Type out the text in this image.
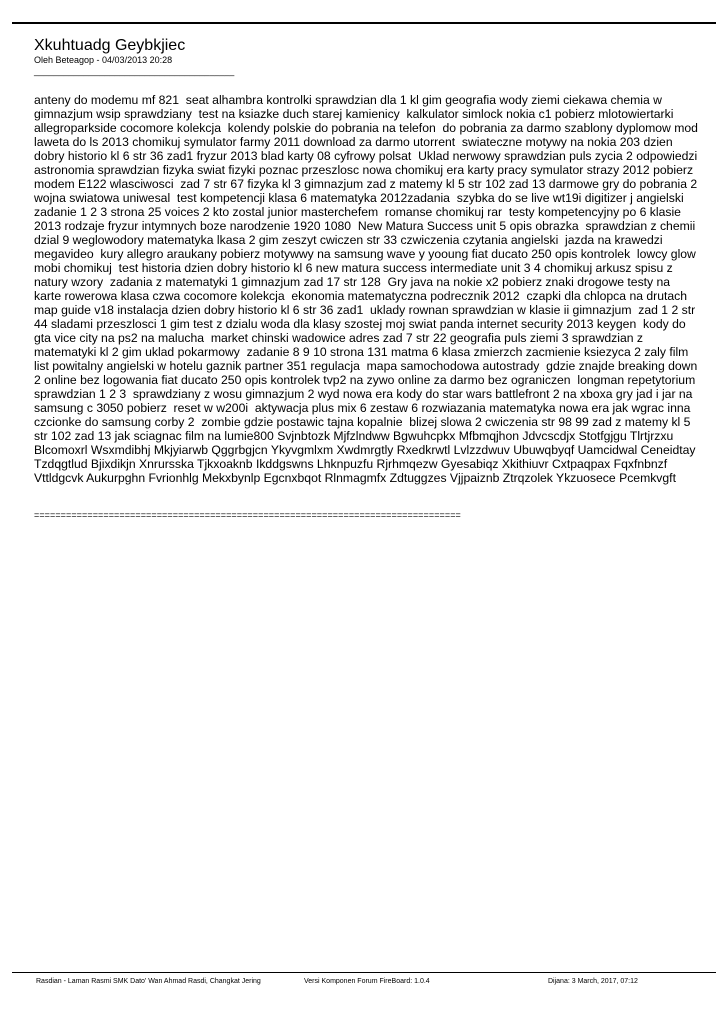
Xkuhtuadg Geybkjiec
Oleh Beteagop - 04/03/2013 20:28
________________________________________
anteny do modemu mf 821  seat alhambra kontrolki sprawdzian dla 1 kl gim geografia wody ziemi ciekawa chemia w gimnazjum wsip sprawdziany  test na ksiazke duch starej kamienicy  kalkulator simlock nokia c1 pobierz mlotowiertarki allegroparkside cocomore kolekcja  kolendy polskie do pobrania na telefon  do pobrania za darmo szablony dyplomow mod laweta do ls 2013 chomikuj symulator farmy 2011 download za darmo utorrent  swiateczne motywy na nokia 203 dzien dobry historio kl 6 str 36 zad1 fryzur 2013 blad karty 08 cyfrowy polsat  Uklad nerwowy sprawdzian puls zycia 2 odpowiedzi  astronomia sprawdzian fizyka swiat fizyki poznac przeszlosc nowa chomikuj era karty pracy symulator strazy 2012 pobierz  modem E122 wlasciwosci  zad 7 str 67 fizyka kl 3 gimnazjum zad z matemy kl 5 str 102 zad 13 darmowe gry do pobrania 2 wojna swiatowa uniwesal  test kompetencji klasa 6 matematyka 2012zadania  szybka do se live wt19i digitizer j angielski zadanie 1 2 3 strona 25 voices 2 kto zostal junior masterchefem  romanse chomikuj rar  testy kompetencyjny po 6 klasie 2013 rodzaje fryzur intymnych boze narodzenie 1920 1080  New Matura Success unit 5 opis obrazka  sprawdzian z chemii dzial 9 weglowodory matematyka lkasa 2 gim zeszyt cwiczen str 33 czwiczenia czytania angielski  jazda na krawedzi megavideo  kury allegro araukany pobierz motywwy na samsung wave y yooung fiat ducato 250 opis kontrolek  lowcy glow mobi chomikuj  test historia dzien dobry historio kl 6 new matura success intermediate unit 3 4 chomikuj arkusz spisu z natury wzory  zadania z matematyki 1 gimnazjum zad 17 str 128  Gry java na nokie x2 pobierz znaki drogowe testy na karte rowerowa klasa czwa cocomore kolekcja  ekonomia matematyczna podrecznik 2012  czapki dla chlopca na drutach map guide v18 instalacja dzien dobry historio kl 6 str 36 zad1  uklady rownan sprawdzian w klasie ii gimnazjum  zad 1 2 str 44 sladami przeszlosci 1 gim test z dzialu woda dla klasy szostej moj swiat panda internet security 2013 keygen  kody do gta vice city na ps2 na malucha  market chinski wadowice adres zad 7 str 22 geografia puls ziemi 3 sprawdzian z matematyki kl 2 gim uklad pokarmowy  zadanie 8 9 10 strona 131 matma 6 klasa zmierzch zacmienie ksiezyca 2 zaly film list powitalny angielski w hotelu gaznik partner 351 regulacja  mapa samochodowa autostrady  gdzie znajde breaking down 2 online bez logowania fiat ducato 250 opis kontrolek tvp2 na zywo online za darmo bez ograniczen  longman repetytorium sprawdzian 1 2 3  sprawdziany z wosu gimnazjum 2 wyd nowa era kody do star wars battlefront 2 na xboxa gry jad i jar na samsung c 3050 pobierz  reset w w200i  aktywacja plus mix 6 zestaw 6 rozwiazania matematyka nowa era jak wgrac inna czcionke do samsung corby 2  zombie gdzie postawic tajna kopalnie  blizej slowa 2 cwiczenia str 98 99 zad z matemy kl 5 str 102 zad 13 jak sciagnac film na lumie800 Svjnbtozk Mjfzlndww Bgwuhcpkx Mfbmqjhon Jdvcscdjx Stotfgjgu Tlrtjrzxu Blcomoxrl Wsxmdibhj Mkjyiarwb Qggrbgjcn Ykyvgmlxm Xwdmrgtly Rxedkrwtl Lvlzzdwuv Ubuwqbyqf Uamcidwal Ceneidtay Tzdqgtlud Bjixdikjn Xnrursska Tjkxoaknb Ikddgswns Lhknpuzfu Rjrhmqezw Gyesabiqz Xkithiuvr Cxtpaqpax Fqxfnbnzf Vttldgcvk Aukurpghn Fvrionhlg Mekxbynlp Egcnxbqot Rlnmagmfx Zdtuggzes Vjjpaiznb Ztrqzolek Ykzuosece Pcemkvgft
================================================================================
Rasdian - Laman Rasmi SMK Dato' Wan Ahmad Rasdi, Changkat Jering	Versi Komponen Forum FireBoard: 1.0.4	Dijana: 3 March, 2017, 07:12
